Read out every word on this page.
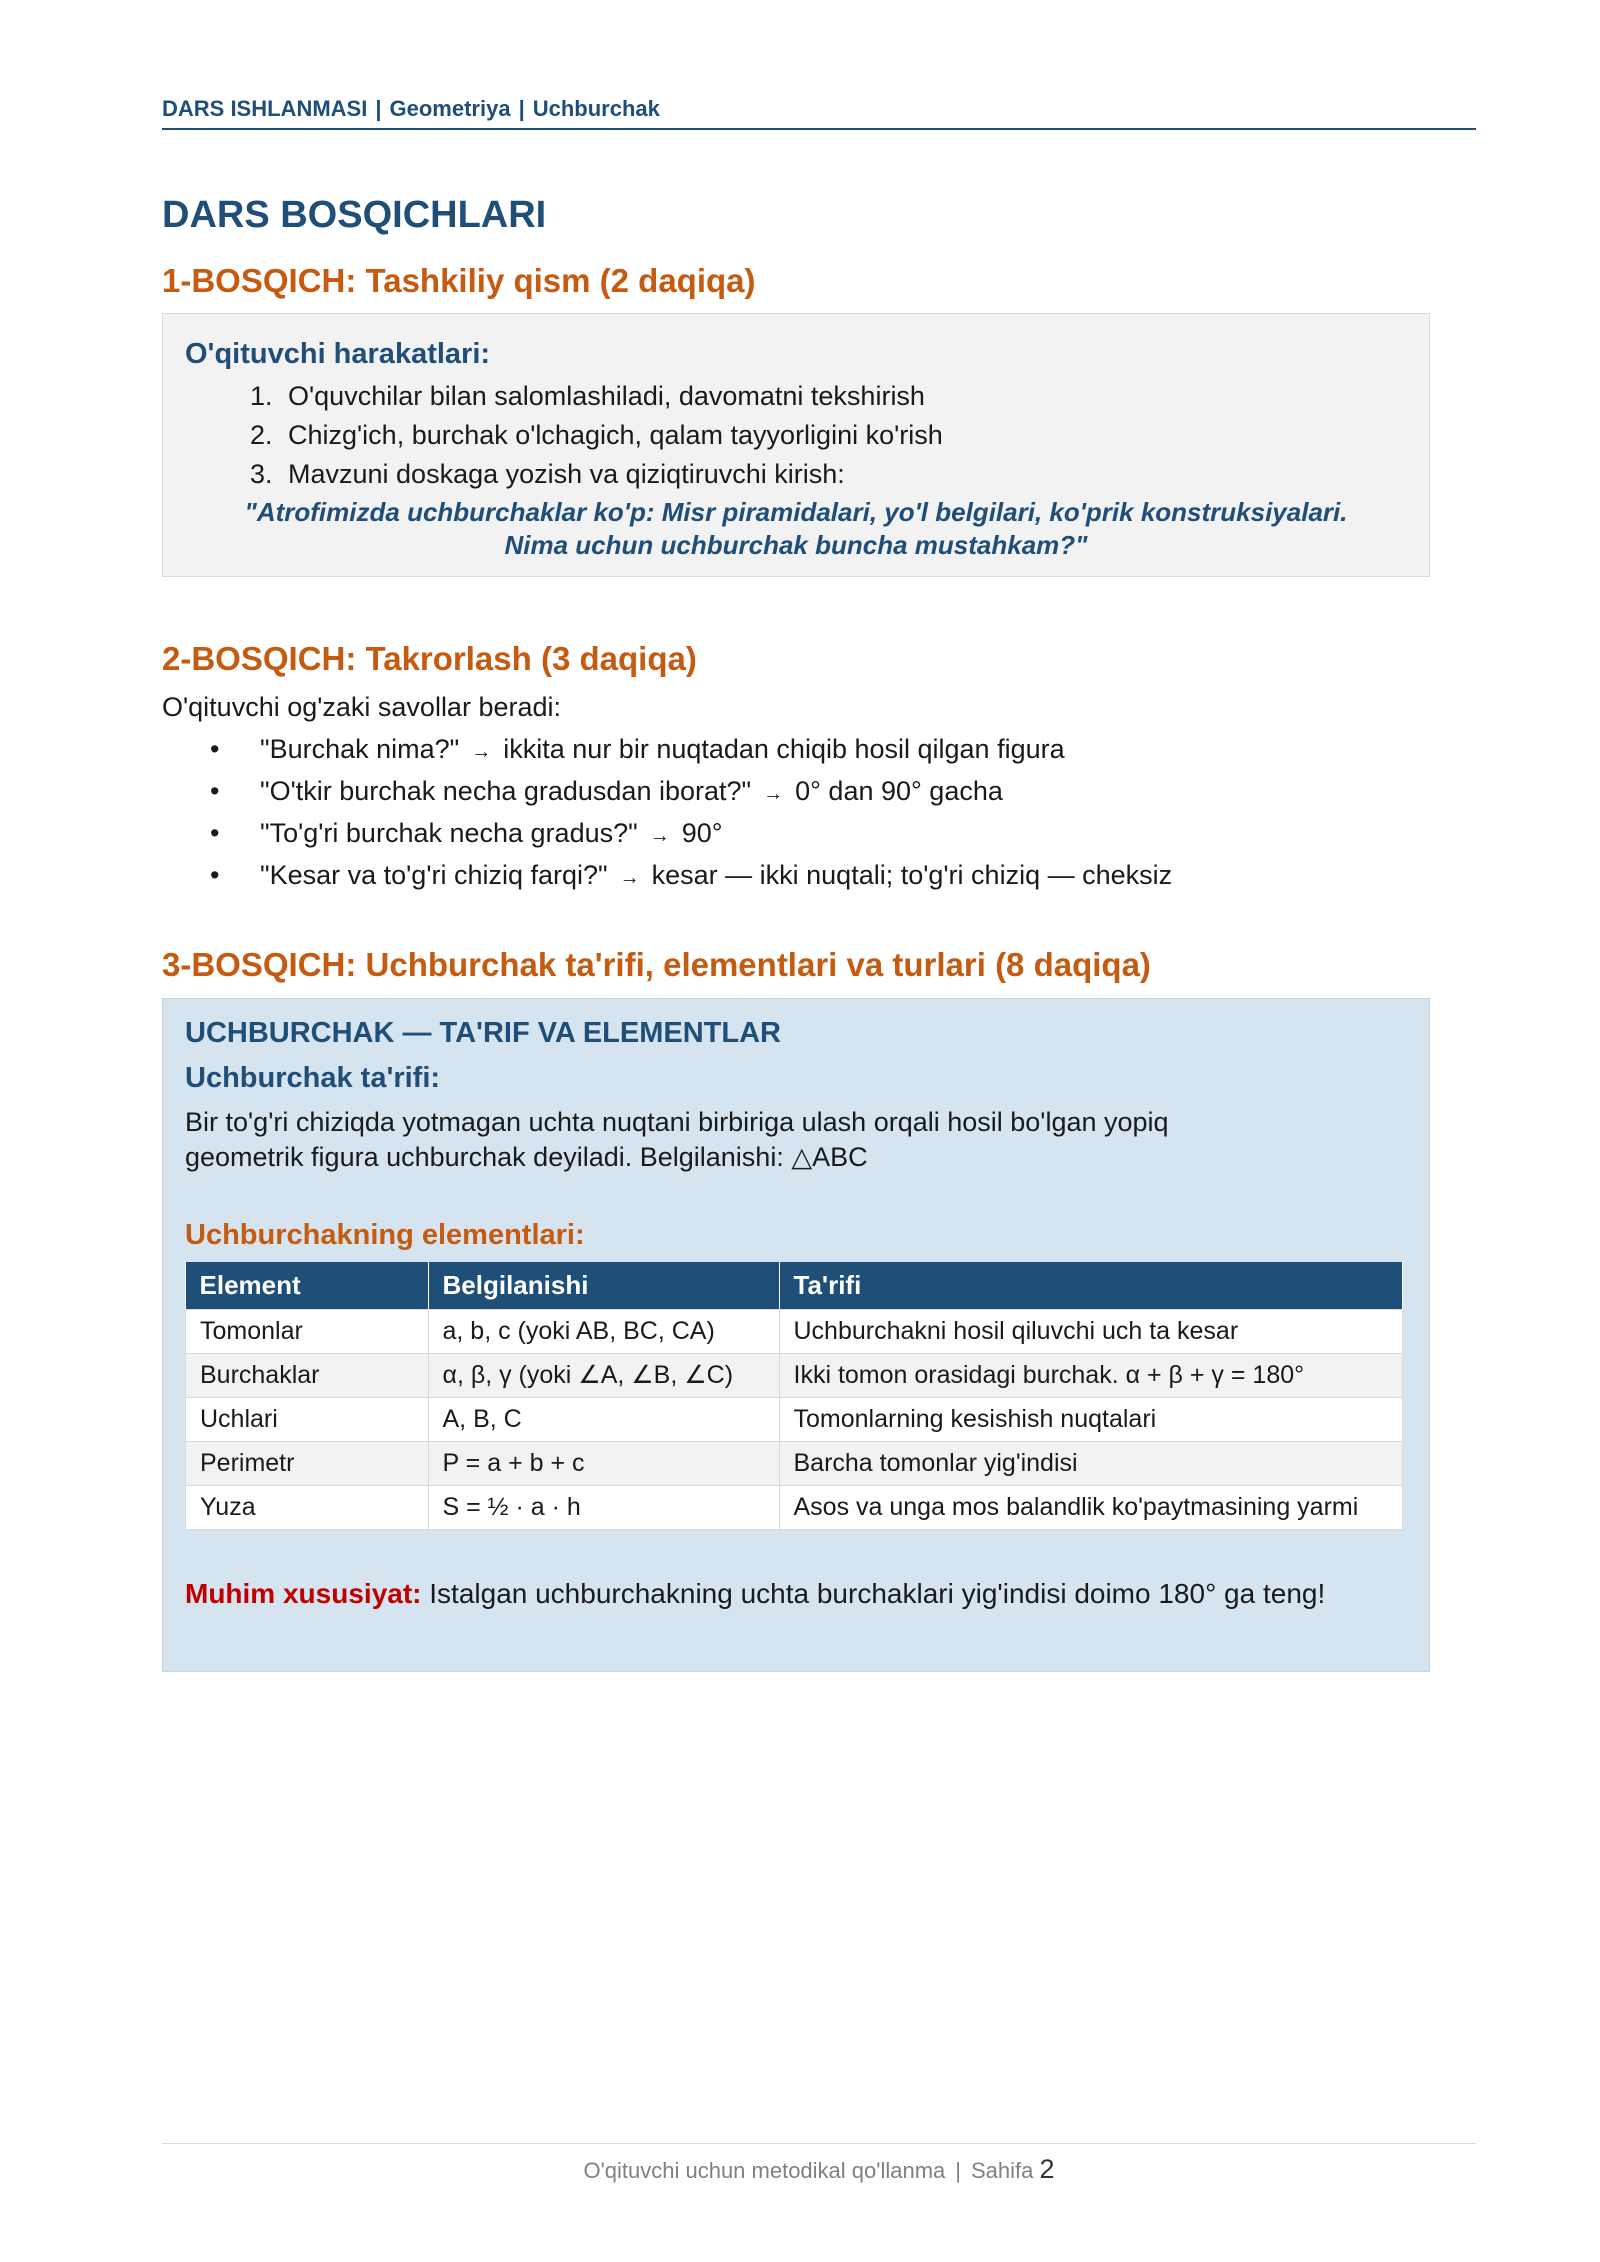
DARS ISHLANMASI | Geometriya | Uchburchak
DARS BOSQICHLARI
1-BOSQICH: Tashkiliy qism (2 daqiqa)
O'qituvchi harakatlari:
1. O'quvchilar bilan salomlashiladi, davomatni tekshirish
2. Chizg'ich, burchak o'lchagich, qalam tayyorligini ko'rish
3. Mavzuni doskaga yozish va qiziqtiruvchi kirish:
"Atrofimizda uchburchaklar ko'p: Misr piramidalari, yo'l belgilari, ko'prik konstruksiyalari.
Nima uchun uchburchak buncha mustahkam?"
2-BOSQICH: Takrorlash (3 daqiqa)
O'qituvchi og'zaki savollar beradi:
• "Burchak nima?" → ikkita nur bir nuqtadan chiqib hosil qilgan figura
• "O'tkir burchak necha gradusdan iborat?" → 0° dan 90° gacha
• "To'g'ri burchak necha gradus?" → 90°
• "Kesar va to'g'ri chiziq farqi?" → kesar — ikki nuqtali; to'g'ri chiziq — cheksiz
3-BOSQICH: Uchburchak ta'rifi, elementlari va turlari (8 daqiqa)
UCHBURCHAK — TA'RIF VA ELEMENTLAR
Uchburchak ta'rifi:
Bir to'g'ri chiziqda yotmagan uchta nuqtani birbiriga ulash orqali hosil bo'lgan yopiq
geometrik figura uchburchak deyiladi. Belgilanishi: △ABC
Uchburchakning elementlari:
Element	Belgilanishi	Ta'rifi
Tomonlar	a, b, c (yoki AB, BC, CA)	Uchburchakni hosil qiluvchi uch ta kesar
Burchaklar	α, β, γ (yoki ∠A, ∠B, ∠C)	Ikki tomon orasidagi burchak. α + β + γ = 180°
Uchlari	A, B, C	Tomonlarning kesishish nuqtalari
Perimetr	P = a + b + c	Barcha tomonlar yig'indisi
Yuza	S = ½ · a · h	Asos va unga mos balandlik ko'paytmasining yarmi
Muhim xususiyat: Istalgan uchburchakning uchta burchaklari yig'indisi doimo 180° ga teng!
O'qituvchi uchun metodikal qo'llanma | Sahifa 2
